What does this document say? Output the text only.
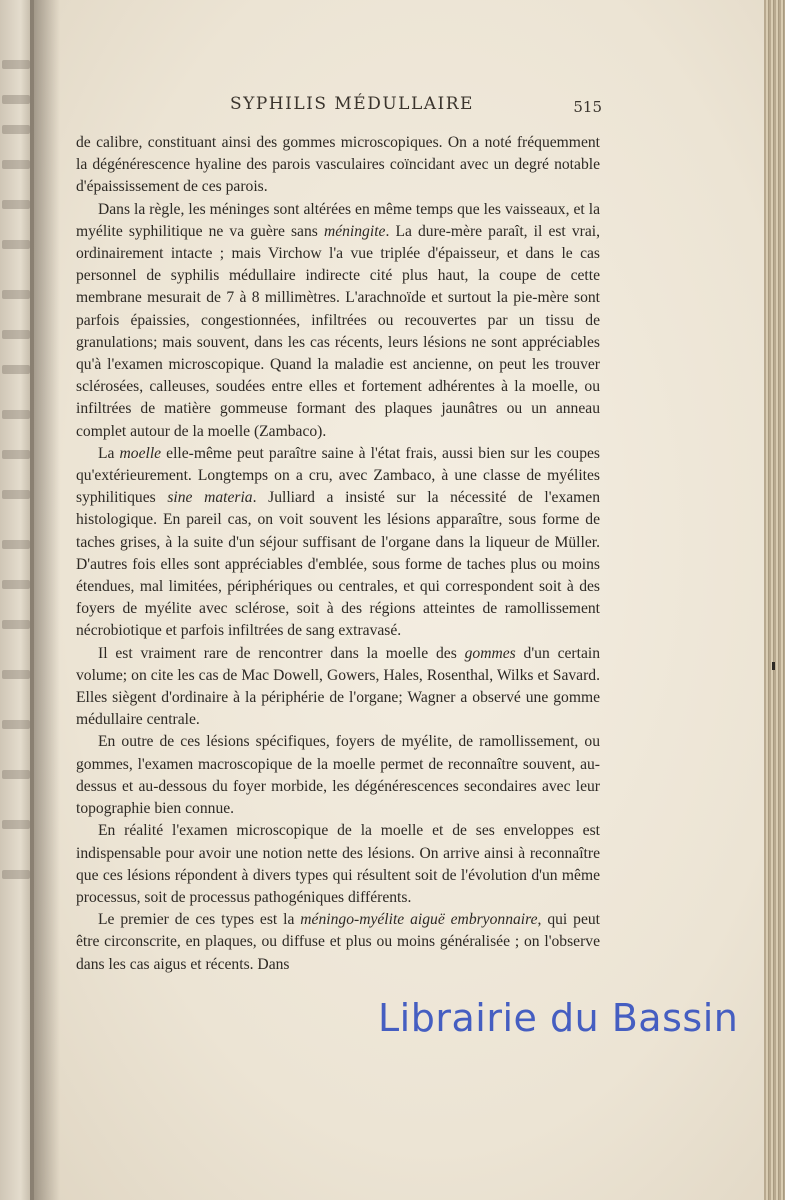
SYPHILIS MÉDULLAIRE	515

de calibre, constituant ainsi des gommes microscopiques. On a noté fréquemment la dégénérescence hyaline des parois vasculaires coïncidant avec un degré notable d'épaississement de ces parois.

Dans la règle, les méninges sont altérées en même temps que les vaisseaux, et la myélite syphilitique ne va guère sans méningite. La dure-mère paraît, il est vrai, ordinairement intacte ; mais Virchow l'a vue triplée d'épaisseur, et dans le cas personnel de syphilis médullaire indirecte cité plus haut, la coupe de cette membrane mesurait de 7 à 8 millimètres. L'arachnoïde et surtout la pie-mère sont parfois épaissies, congestionnées, infiltrées ou recouvertes par un tissu de granulations; mais souvent, dans les cas récents, leurs lésions ne sont appréciables qu'à l'examen microscopique. Quand la maladie est ancienne, on peut les trouver sclérosées, calleuses, soudées entre elles et fortement adhérentes à la moelle, ou infiltrées de matière gommeuse formant des plaques jaunâtres ou un anneau complet autour de la moelle (Zambaco).

La moelle elle-même peut paraître saine à l'état frais, aussi bien sur les coupes qu'extérieurement. Longtemps on a cru, avec Zambaco, à une classe de myélites syphilitiques sine materia. Julliard a insisté sur la nécessité de l'examen histologique. En pareil cas, on voit souvent les lésions apparaître, sous forme de taches grises, à la suite d'un séjour suffisant de l'organe dans la liqueur de Müller. D'autres fois elles sont appréciables d'emblée, sous forme de taches plus ou moins étendues, mal limitées, périphériques ou centrales, et qui correspondent soit à des foyers de myélite avec sclérose, soit à des régions atteintes de ramollissement nécrobiotique et parfois infiltrées de sang extravasé.

Il est vraiment rare de rencontrer dans la moelle des gommes d'un certain volume; on cite les cas de Mac Dowell, Gowers, Hales, Rosenthal, Wilks et Savard. Elles siègent d'ordinaire à la périphérie de l'organe; Wagner a observé une gomme médullaire centrale.

En outre de ces lésions spécifiques, foyers de myélite, de ramollissement, ou gommes, l'examen macroscopique de la moelle permet de reconnaître souvent, au-dessus et au-dessous du foyer morbide, les dégénérescences secondaires avec leur topographie bien connue.

En réalité l'examen microscopique de la moelle et de ses enveloppes est indispensable pour avoir une notion nette des lésions. On arrive ainsi à reconnaître que ces lésions répondent à divers types qui résultent soit de l'évolution d'un même processus, soit de processus pathogéniques différents.

Le premier de ces types est la méningo-myélite aiguë embryonnaire, qui peut être circonscrite, en plaques, ou diffuse et plus ou moins généralisée ; on l'observe dans les cas aigus et récents. Dans

Librairie du Bassin
